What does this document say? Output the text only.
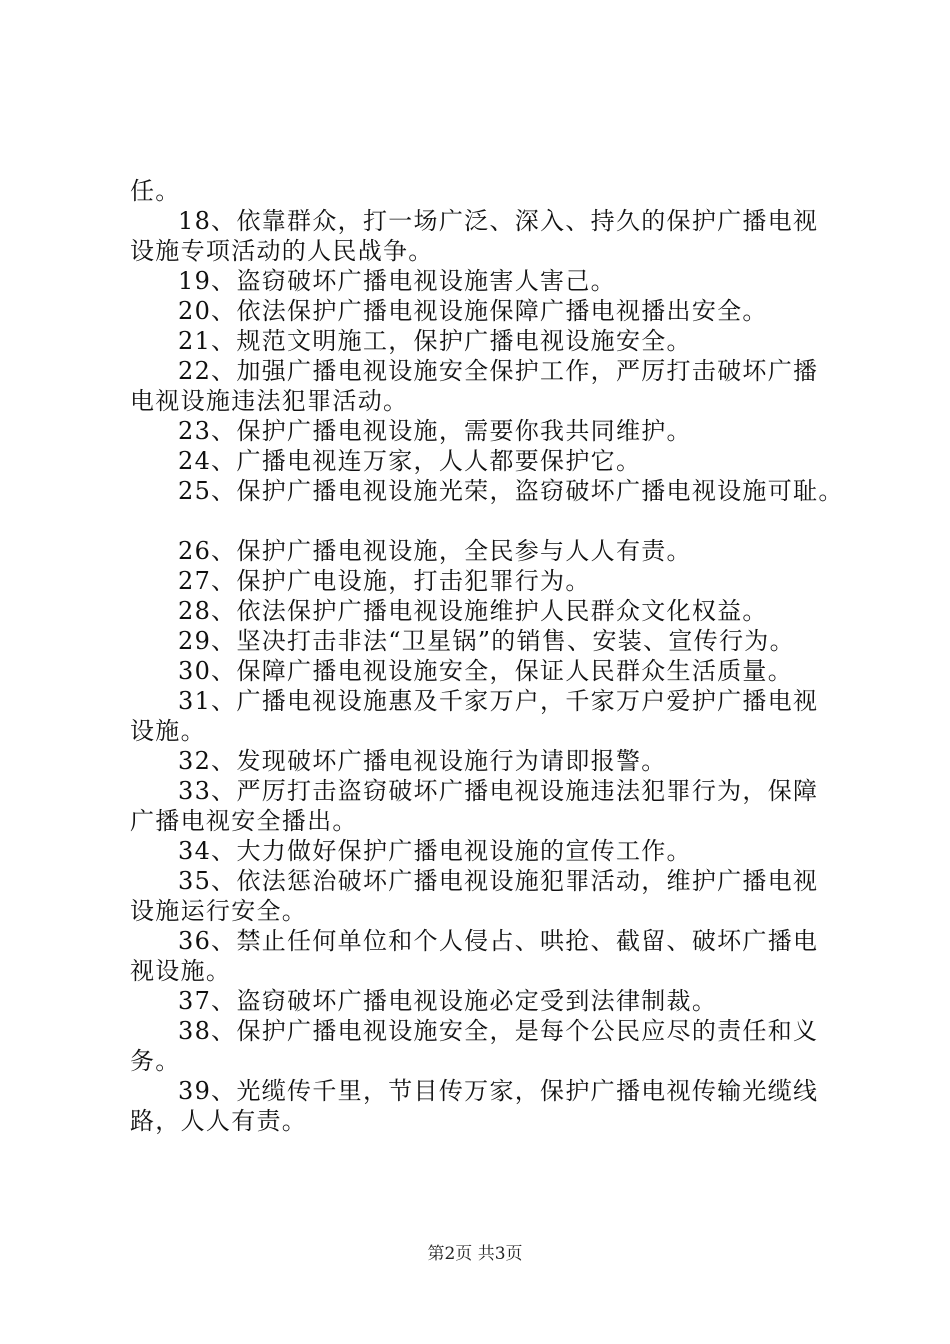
任。
18、依靠群众，打一场广泛、深入、持久的保护广播电视
设施专项活动的人民战争。
19、盗窃破坏广播电视设施害人害己。
20、依法保护广播电视设施保障广播电视播出安全。
21、规范文明施工，保护广播电视设施安全。
22、加强广播电视设施安全保护工作，严厉打击破坏广播
电视设施违法犯罪活动。
23、保护广播电视设施，需要你我共同维护。
24、广播电视连万家，人人都要保护它。
25、保护广播电视设施光荣，盗窃破坏广播电视设施可耻。
26、保护广播电视设施，全民参与人人有责。
27、保护广电设施，打击犯罪行为。
28、依法保护广播电视设施维护人民群众文化权益。
29、坚决打击非法“卫星锅”的销售、安装、宣传行为。
30、保障广播电视设施安全，保证人民群众生活质量。
31、广播电视设施惠及千家万户，千家万户爱护广播电视
设施。
32、发现破坏广播电视设施行为请即报警。
33、严厉打击盗窃破坏广播电视设施违法犯罪行为，保障
广播电视安全播出。
34、大力做好保护广播电视设施的宣传工作。
35、依法惩治破坏广播电视设施犯罪活动，维护广播电视
设施运行安全。
36、禁止任何单位和个人侵占、哄抢、截留、破坏广播电
视设施。
37、盗窃破坏广播电视设施必定受到法律制裁。
38、保护广播电视设施安全，是每个公民应尽的责任和义
务。
39、光缆传千里，节目传万家，保护广播电视传输光缆线
路，人人有责。
第2页 共3页
